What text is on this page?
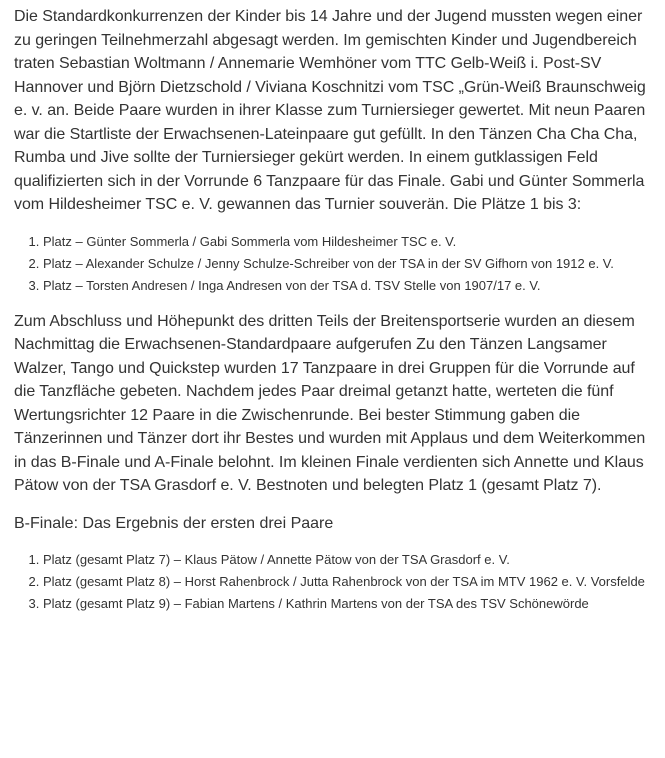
Die Standardkonkurrenzen der Kinder bis 14 Jahre und der Jugend mussten wegen einer zu geringen Teilnehmerzahl abgesagt werden. Im gemischten Kinder und Jugendbereich traten Sebastian Woltmann / Annemarie Wemhöner vom TTC Gelb-Weiß i. Post-SV Hannover und Björn Dietzschold / Viviana Koschnitzi vom TSC „Grün-Weiß Braunschweig e. v. an. Beide Paare wurden in ihrer Klasse zum Turniersieger gewertet. Mit neun Paaren war die Startliste der Erwachsenen-Lateinpaare gut gefüllt. In den Tänzen Cha Cha Cha, Rumba und Jive sollte der Turniersieger gekürt werden. In einem gutklassigen Feld qualifizierten sich in der Vorrunde 6 Tanzpaare für das Finale. Gabi und Günter Sommerla vom Hildesheimer TSC e. V. gewannen das Turnier souverän. Die Plätze 1 bis 3:

1. Platz – Günter Sommerla / Gabi Sommerla vom Hildesheimer TSC e. V.
2. Platz – Alexander Schulze / Jenny Schulze-Schreiber von der TSA in der SV Gifhorn von 1912 e. V.
3. Platz – Torsten Andresen / Inga Andresen von der TSA d. TSV Stelle von 1907/17 e. V.

Zum Abschluss und Höhepunkt des dritten Teils der Breitensportserie wurden an diesem Nachmittag die Erwachsenen-Standardpaare aufgerufen Zu den Tänzen Langsamer Walzer, Tango und Quickstep wurden 17 Tanzpaare in drei Gruppen für die Vorrunde auf die Tanzfläche gebeten. Nachdem jedes Paar dreimal getanzt hatte, werteten die fünf Wertungsrichter 12 Paare in die Zwischenrunde. Bei bester Stimmung gaben die Tänzerinnen und Tänzer dort ihr Bestes und wurden mit Applaus und dem Weiterkommen in das B-Finale und A-Finale belohnt. Im kleinen Finale verdienten sich Annette und Klaus Pätow von der TSA Grasdorf e. V. Bestnoten und belegten Platz 1 (gesamt Platz 7).

B-Finale: Das Ergebnis der ersten drei Paare

1. Platz (gesamt Platz 7) – Klaus Pätow / Annette Pätow von der TSA Grasdorf e. V.
2. Platz (gesamt Platz 8) – Horst Rahenbrock / Jutta Rahenbrock von der TSA im MTV 1962 e. V. Vorsfelde
3. Platz (gesamt Platz 9) – Fabian Martens / Kathrin Martens von der TSA des TSV Schönewörde
